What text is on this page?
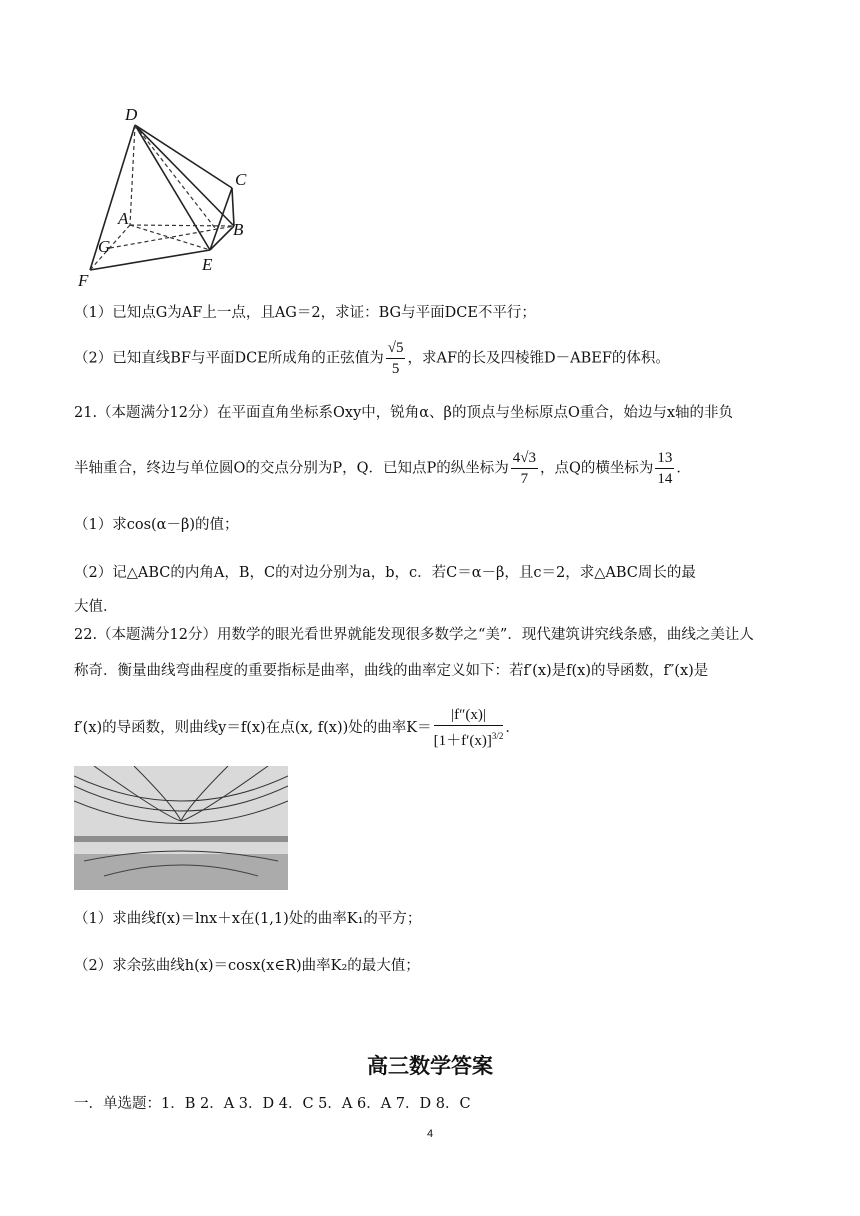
D
C
A
B
G
E
F
（1）已知点G为AF上一点，且AG＝2，求证：BG与平面DCE不平行；
（2）已知直线BF与平面DCE所成角的正弦值为 $\frac{√5}{5}$ ，求AF的长及四棱锥D－ABEF的体积。
21.（本题满分12分）在平面直角坐标系Oxy中，锐角α、β的顶点与坐标原点O重合，始边与x轴的非负
半轴重合，终边与单位圆O的交点分别为P，Q．已知点P的纵坐标为 $\frac{4√3}{7}$ ，点Q的横坐标为 $\frac{13}{14}$ ．
（1）求cos(α－β)的值；
（2）记△ABC的内角A，B，C的对边分别为a，b，c．若C＝α－β，且c＝2，求△ABC周长的最
大值．
22.（本题满分12分）用数学的眼光看世界就能发现很多数学之“美”．现代建筑讲究线条感，曲线之美让人
称奇．衡量曲线弯曲程度的重要指标是曲率，曲线的曲率定义如下：若f′(x)是f(x)的导函数，f″(x)是
f′(x)的导函数，则曲线y＝f(x)在点(x, f(x))处的曲率$K= \frac{|f''(x)|}{[1+f'(x)]^{3/2}}$ ．
（1）求曲线f(x)＝lnx＋x在(1,1)处的曲率K₁的平方；
（2）求余弦曲线h(x)＝cosx(x∈R)曲率K₂的最大值；
高三数学答案
一．单选题：1．B 2．A 3．D 4．C 5．A 6．A 7．D 8．C
4
